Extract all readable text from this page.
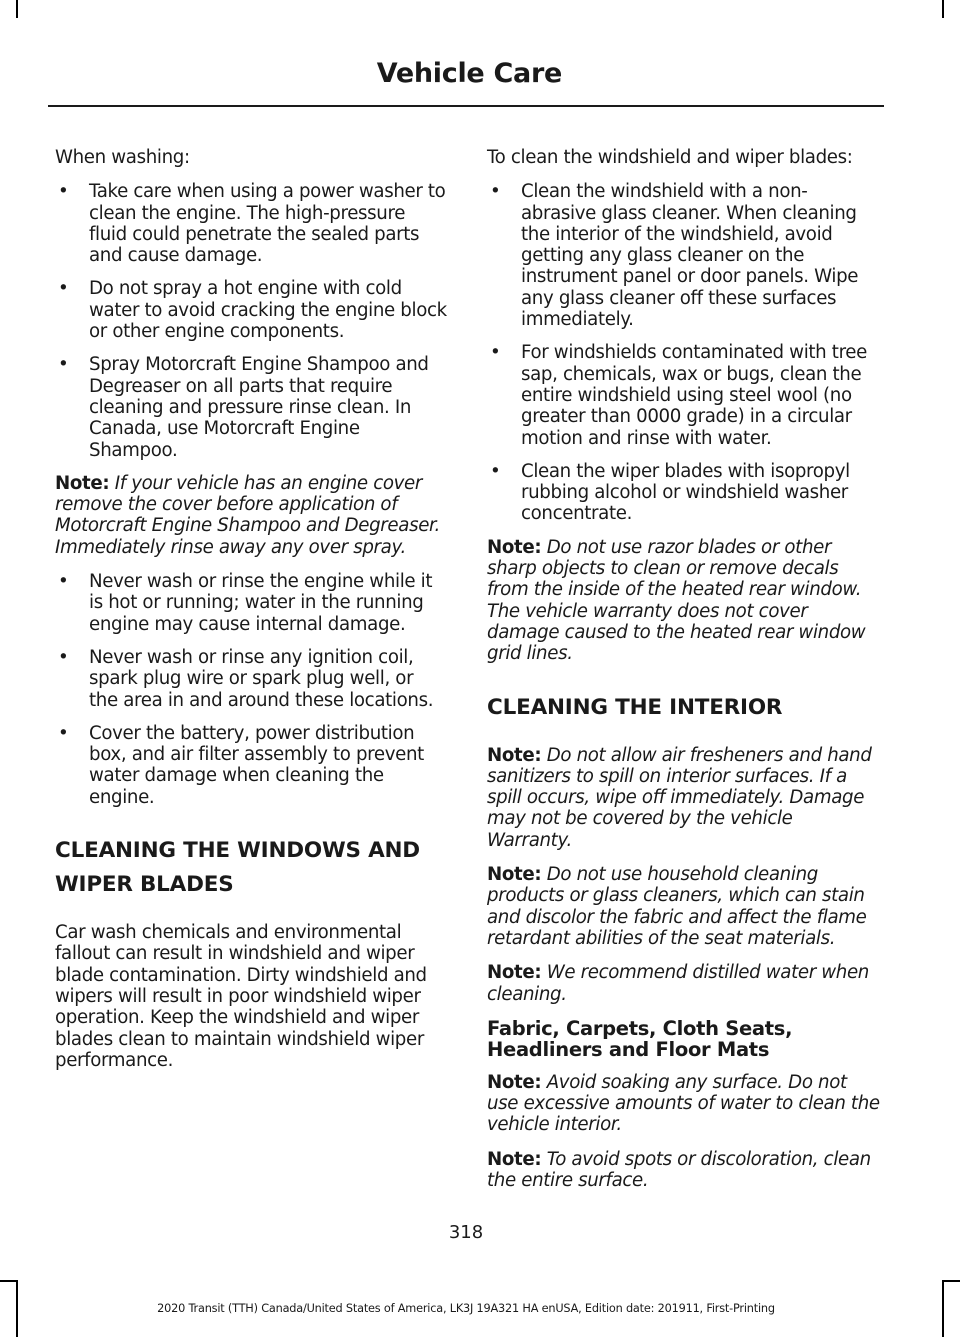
Vehicle Care

When washing:

• Take care when using a power washer to clean the engine. The high-pressure fluid could penetrate the sealed parts and cause damage.
• Do not spray a hot engine with cold water to avoid cracking the engine block or other engine components.
• Spray Motorcraft Engine Shampoo and Degreaser on all parts that require cleaning and pressure rinse clean. In Canada, use Motorcraft Engine Shampoo.

Note: If your vehicle has an engine cover remove the cover before application of Motorcraft Engine Shampoo and Degreaser. Immediately rinse away any over spray.

• Never wash or rinse the engine while it is hot or running; water in the running engine may cause internal damage.
• Never wash or rinse any ignition coil, spark plug wire or spark plug well, or the area in and around these locations.
• Cover the battery, power distribution box, and air filter assembly to prevent water damage when cleaning the engine.
CLEANING THE WINDOWS AND
WIPER BLADES

Car wash chemicals and environmental fallout can result in windshield and wiper blade contamination. Dirty windshield and wipers will result in poor windshield wiper operation. Keep the windshield and wiper blades clean to maintain windshield wiper performance.

To clean the windshield and wiper blades:

• Clean the windshield with a non-abrasive glass cleaner. When cleaning the interior of the windshield, avoid getting any glass cleaner on the instrument panel or door panels. Wipe any glass cleaner off these surfaces immediately.
• For windshields contaminated with tree sap, chemicals, wax or bugs, clean the entire windshield using steel wool (no greater than 0000 grade) in a circular motion and rinse with water.
• Clean the wiper blades with isopropyl rubbing alcohol or windshield washer concentrate.

Note: Do not use razor blades or other sharp objects to clean or remove decals from the inside of the heated rear window. The vehicle warranty does not cover damage caused to the heated rear window grid lines.

CLEANING THE INTERIOR

Note: Do not allow air fresheners and hand sanitizers to spill on interior surfaces. If a spill occurs, wipe off immediately. Damage may not be covered by the vehicle Warranty.

Note: Do not use household cleaning products or glass cleaners, which can stain and discolor the fabric and affect the flame retardant abilities of the seat materials.

Note: We recommend distilled water when cleaning.

Fabric, Carpets, Cloth Seats, Headliners and Floor Mats

Note: Avoid soaking any surface. Do not use excessive amounts of water to clean the vehicle interior.

Note: To avoid spots or discoloration, clean the entire surface.

318
2020 Transit (TTH) Canada/United States of America, LK3J 19A321 HA enUSA, Edition date: 201911, First-Printing
